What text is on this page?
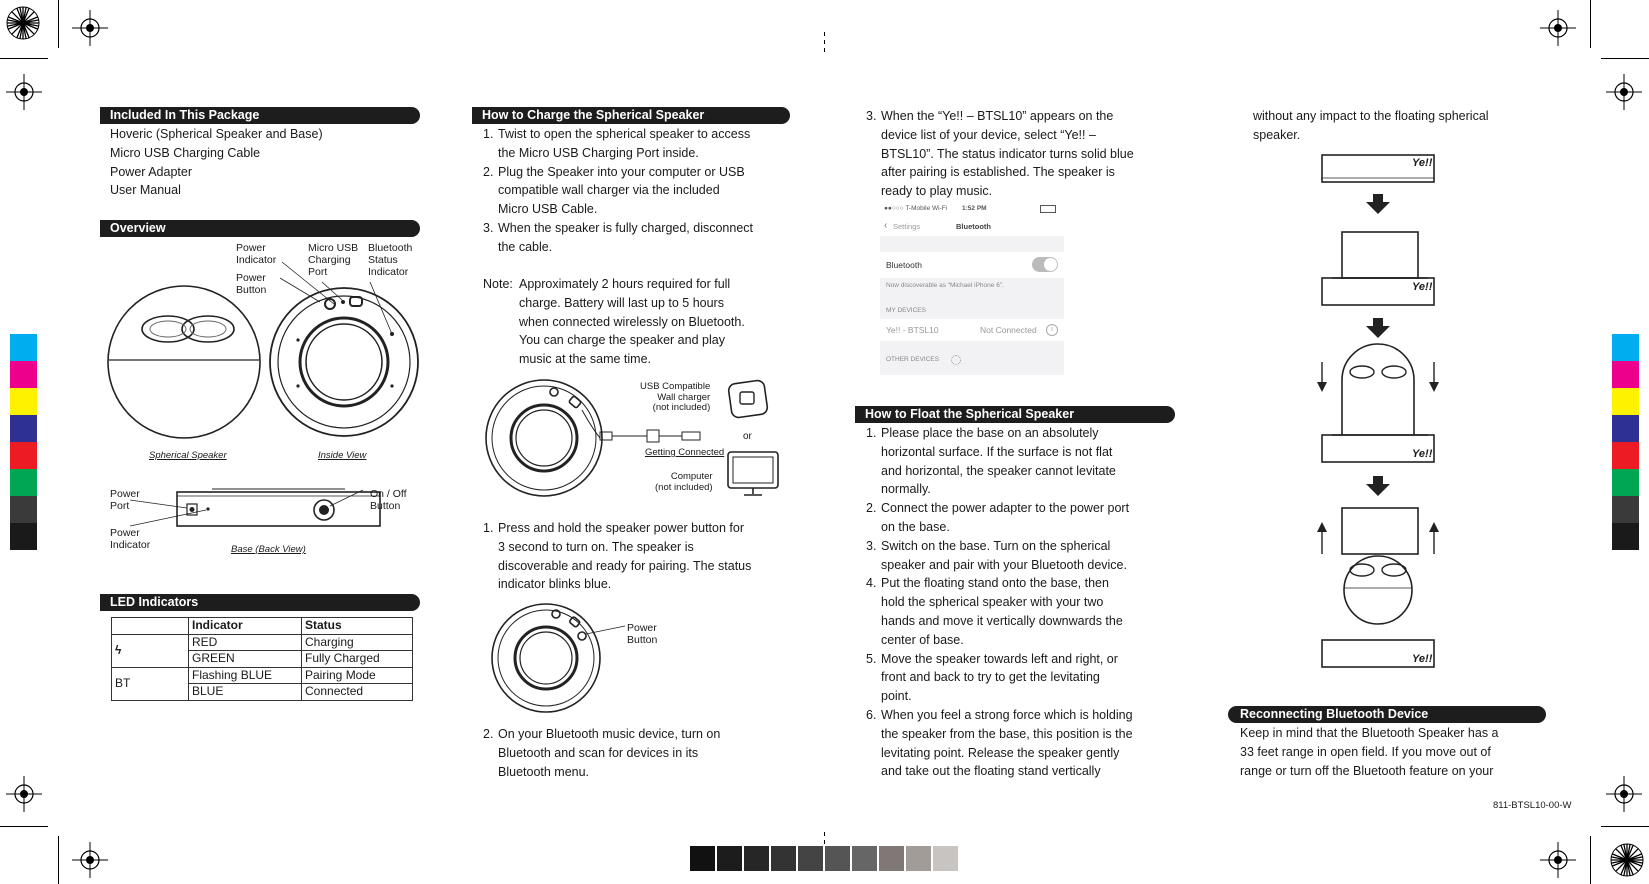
Included In This Package
Hoveric (Spherical Speaker and Base)
Micro USB Charging Cable
Power Adapter
User Manual
Overview
Power
Indicator
Power
Button
Micro USB
Charging
Port
Bluetooth
Status
Indicator
Spherical Speaker	Inside View
Power
Port
Power
Indicator
On / Off
Button
Base (Back View)
LED Indicators
	Indicator	Status
ϟ	RED	Charging
	GREEN	Fully Charged
BT	Flashing BLUE	Pairing Mode
	BLUE	Connected
How to Charge the Spherical Speaker
1. Twist to open the spherical speaker to access
the Micro USB Charging Port inside.
2. Plug the Speaker into your computer or USB
compatible wall charger via the included
Micro USB Cable.
3. When the speaker is fully charged, disconnect
the cable.
Note: Approximately 2 hours required for full
charge. Battery will last up to 5 hours
when connected wirelessly on Bluetooth.
You can charge the speaker and play
music at the same time.
USB Compatible
Wall charger
(not included)
or
Getting Connected
Computer
(not included)
1. Press and hold the speaker power button for
3 second to turn on. The speaker is
discoverable and ready for pairing. The status
indicator blinks blue.
Power
Button
2. On your Bluetooth music device, turn on
Bluetooth and scan for devices in its
Bluetooth menu.
3. When the “Ye!! – BTSL10” appears on the
device list of your device, select “Ye!! –
BTSL10”. The status indicator turns solid blue
after pairing is established. The speaker is
ready to play music.
●●○○○ T-Mobile Wi-Fi 1:52 PM
‹ Settings	Bluetooth
Bluetooth
Now discoverable as “Michael iPhone 6”.
MY DEVICES
Ye!! - BTSL10	Not Connected	i
OTHER DEVICES
How to Float the Spherical Speaker
1. Please place the base on an absolutely
horizontal surface. If the surface is not flat
and horizontal, the speaker cannot levitate
normally.
2. Connect the power adapter to the power port
on the base.
3. Switch on the base. Turn on the spherical
speaker and pair with your Bluetooth device.
4. Put the floating stand onto the base, then
hold the spherical speaker with your two
hands and move it vertically downwards the
center of base.
5. Move the speaker towards left and right, or
front and back to try to get the levitating
point.
6. When you feel a strong force which is holding
the speaker from the base, this position is the
levitating point. Release the speaker gently
and take out the floating stand vertically
without any impact to the floating spherical
speaker.
Ye!!
Ye!!
Ye!!
Ye!!
Reconnecting Bluetooth Device
Keep in mind that the Bluetooth Speaker has a
33 feet range in open field. If you move out of
range or turn off the Bluetooth feature on your
811-BTSL10-00-W
